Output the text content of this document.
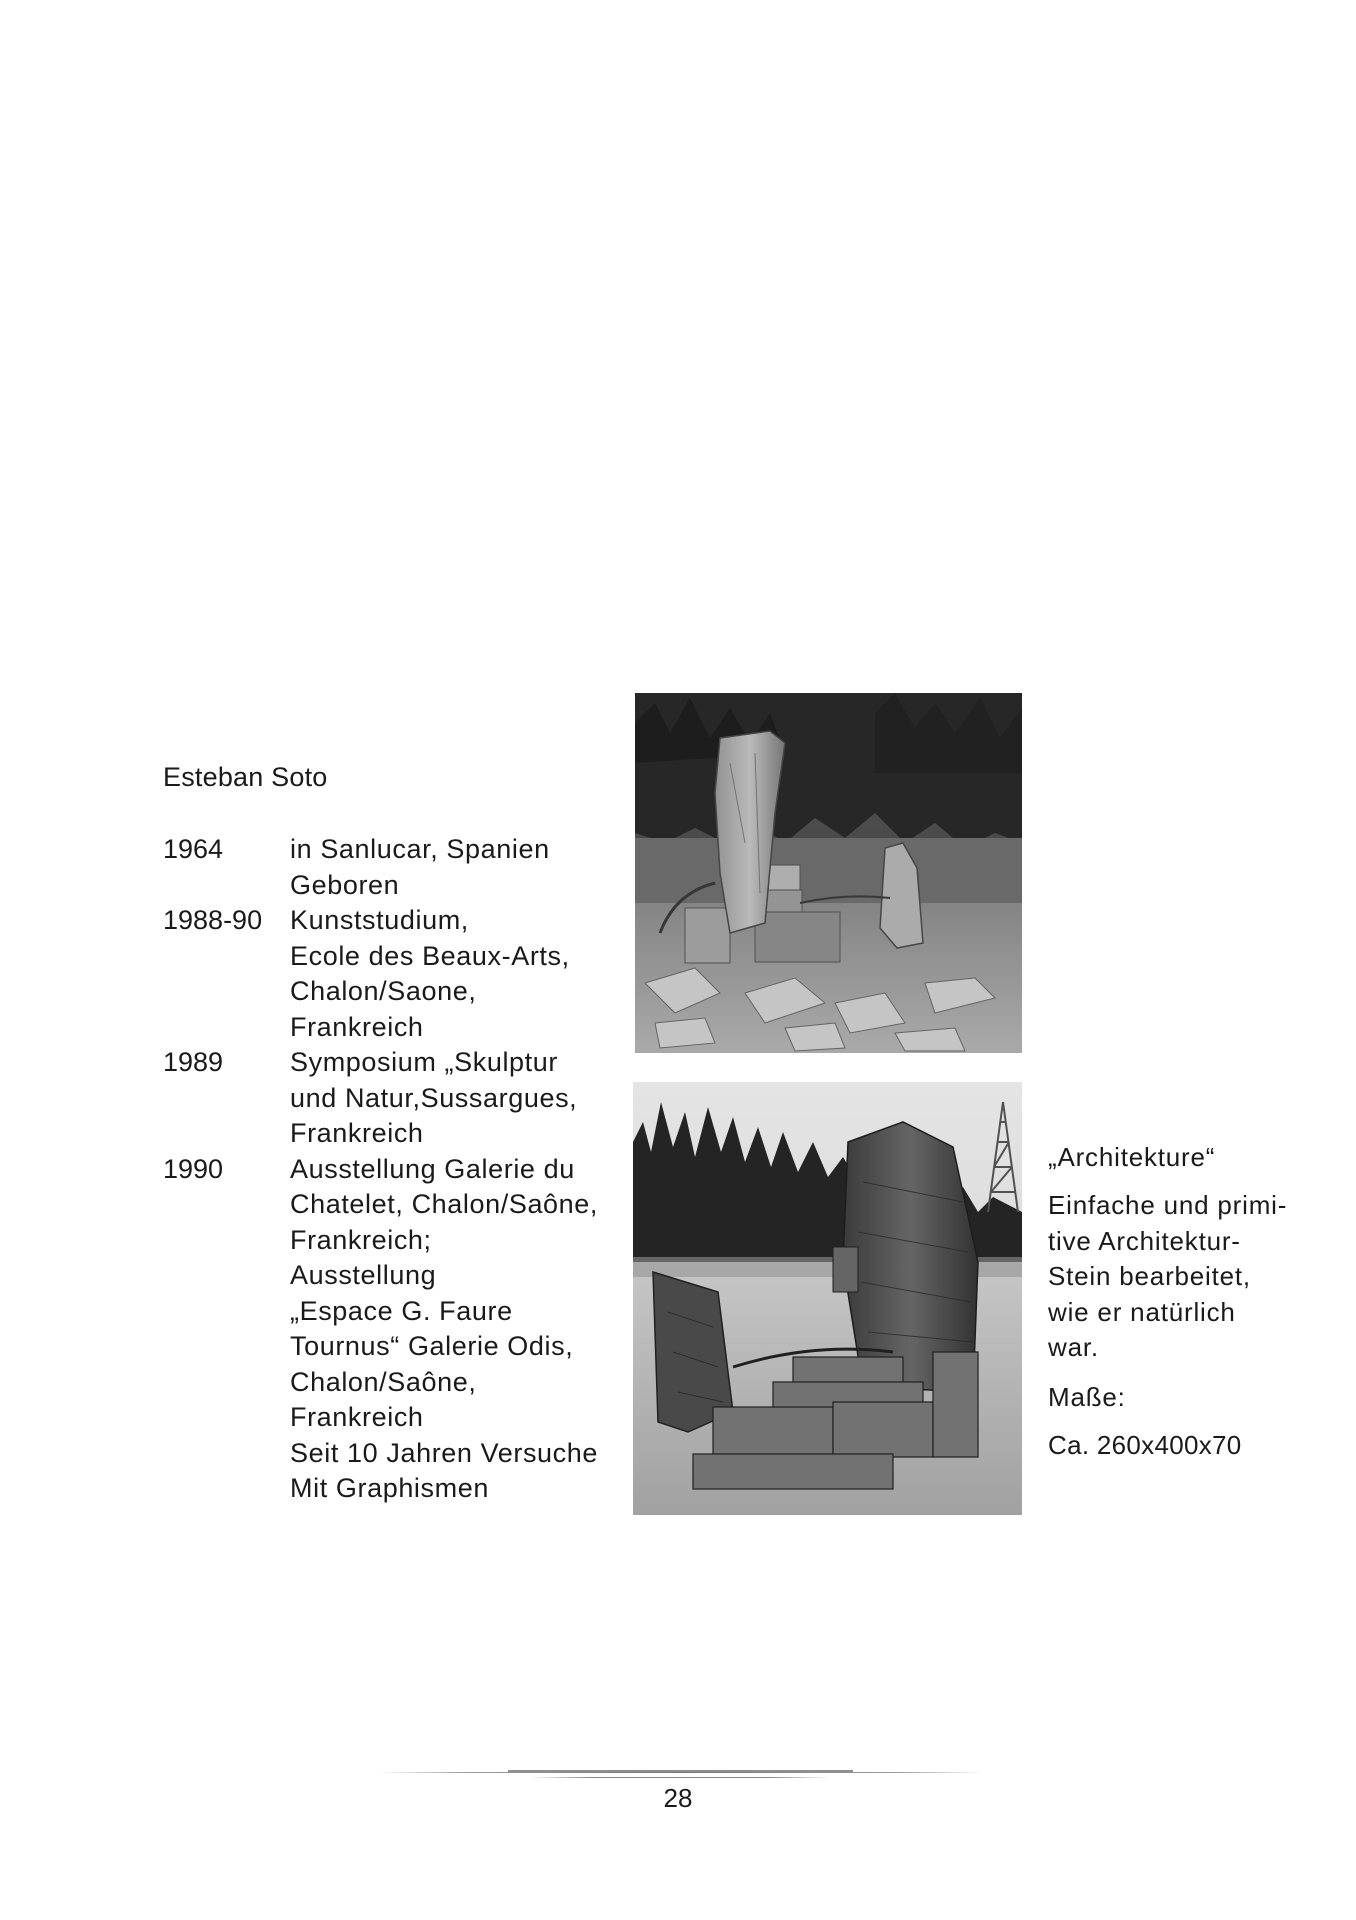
Esteban Soto
1964	in Sanlucar, Spanien
Geboren
1988-90	Kunststudium,
Ecole des Beaux-Arts,
Chalon/Saone,
Frankreich
1989	Symposium „Skulptur
und Natur,Sussargues,
Frankreich
1990	Ausstellung Galerie du
Chatelet, Chalon/Saône,
Frankreich;
Ausstellung
„Espace G. Faure
Tournus“ Galerie Odis,
Chalon/Saône,
Frankreich
Seit 10 Jahren Versuche
Mit Graphismen
„Architekture“
Einfache und primi-
tive Architektur-
Stein bearbeitet,
wie er natürlich
war.
Maße:
Ca. 260x400x70
28
